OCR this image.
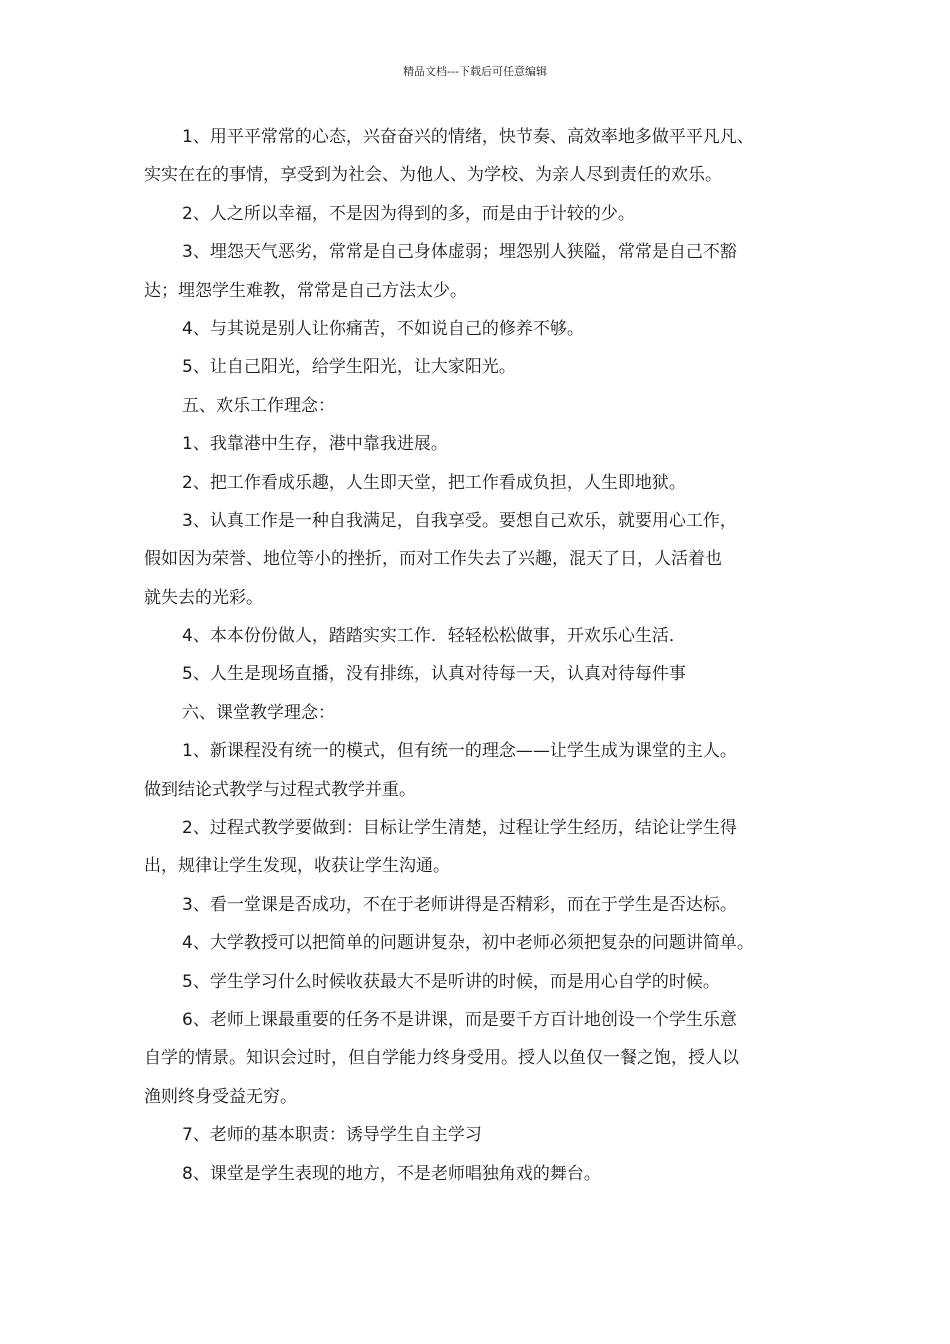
精品文档---下载后可任意编辑
1、用平平常常的心态，兴奋奋兴的情绪，快节奏、高效率地多做平平凡凡、
实实在在的事情，享受到为社会、为他人、为学校、为亲人尽到责任的欢乐。
2、人之所以幸福，不是因为得到的多，而是由于计较的少。
3、埋怨天气恶劣，常常是自己身体虚弱；埋怨别人狭隘，常常是自己不豁
达；埋怨学生难教，常常是自己方法太少。
4、与其说是别人让你痛苦，不如说自己的修养不够。
5、让自己阳光，给学生阳光，让大家阳光。
五、欢乐工作理念：
1、我靠港中生存，港中靠我进展。
2、把工作看成乐趣，人生即天堂，把工作看成负担，人生即地狱。
3、认真工作是一种自我满足，自我享受。要想自己欢乐，就要用心工作，
假如因为荣誉、地位等小的挫折，而对工作失去了兴趣，混天了日，人活着也
就失去的光彩。
4、本本份份做人，踏踏实实工作．轻轻松松做事，开欢乐心生活．
5、人生是现场直播，没有排练，认真对待每一天，认真对待每件事
六、课堂教学理念：
1、新课程没有统一的模式，但有统一的理念——让学生成为课堂的主人。
做到结论式教学与过程式教学并重。
2、过程式教学要做到：目标让学生清楚，过程让学生经历，结论让学生得
出，规律让学生发现，收获让学生沟通。
3、看一堂课是否成功，不在于老师讲得是否精彩，而在于学生是否达标。
4、大学教授可以把简单的问题讲复杂，初中老师必须把复杂的问题讲简单。
5、学生学习什么时候收获最大不是听讲的时候，而是用心自学的时候。
6、老师上课最重要的任务不是讲课，而是要千方百计地创设一个学生乐意
自学的情景。知识会过时，但自学能力终身受用。授人以鱼仅一餐之饱，授人以
渔则终身受益无穷。
7、老师的基本职责：诱导学生自主学习
8、课堂是学生表现的地方，不是老师唱独角戏的舞台。
